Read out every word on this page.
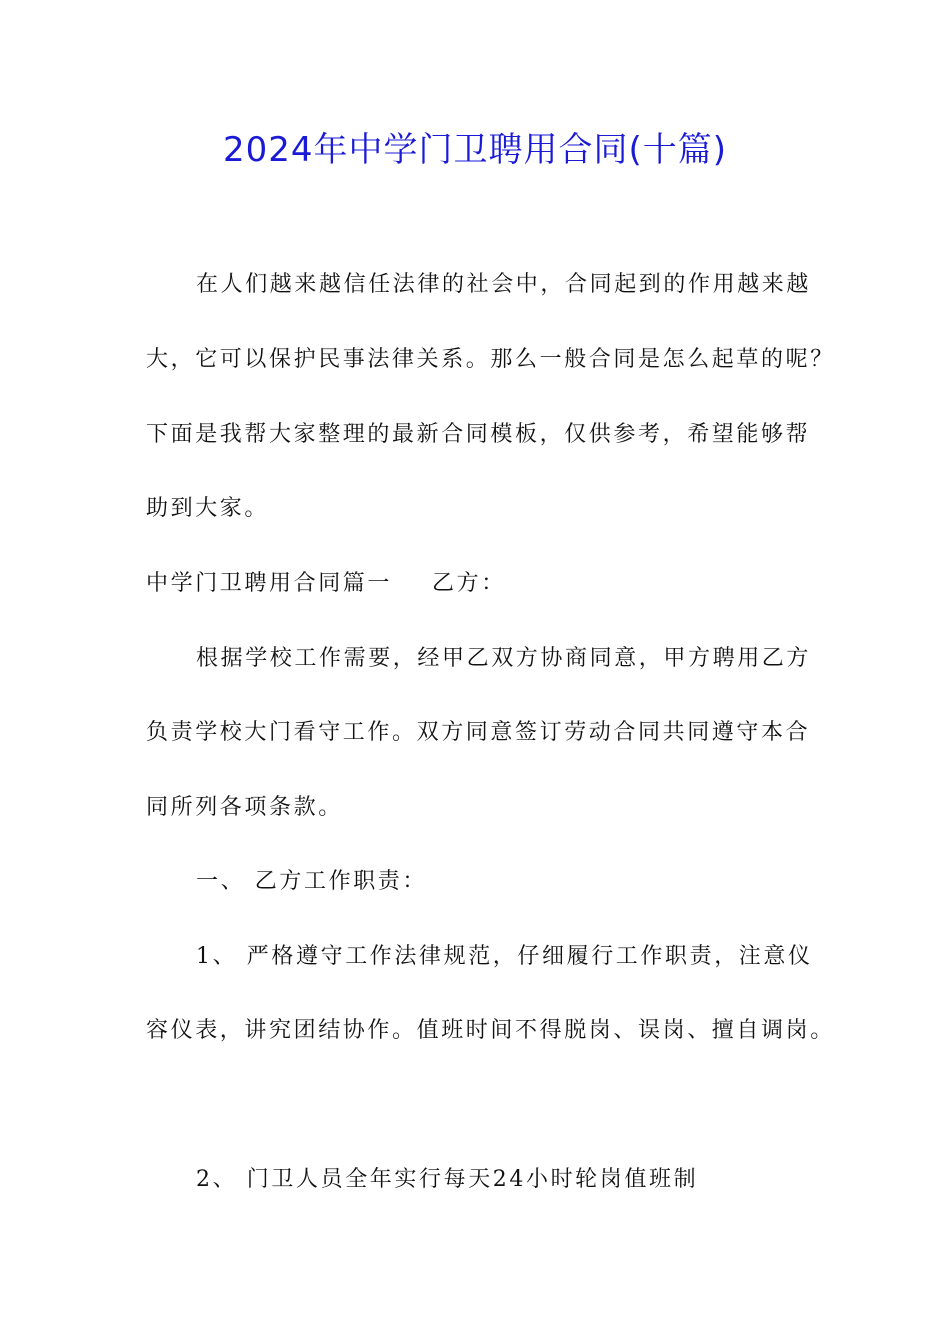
2024年中学门卫聘用合同(十篇)
在人们越来越信任法律的社会中，合同起到的作用越来越
大，它可以保护民事法律关系。那么一般合同是怎么起草的呢？
下面是我帮大家整理的最新合同模板，仅供参考，希望能够帮
助到大家。
中学门卫聘用合同篇一 乙方：
根据学校工作需要，经甲乙双方协商同意，甲方聘用乙方
负责学校大门看守工作。双方同意签订劳动合同共同遵守本合
同所列各项条款。
一、 乙方工作职责：
1、 严格遵守工作法律规范，仔细履行工作职责，注意仪
容仪表，讲究团结协作。值班时间不得脱岗、误岗、擅自调岗。
2、 门卫人员全年实行每天24小时轮岗值班制
